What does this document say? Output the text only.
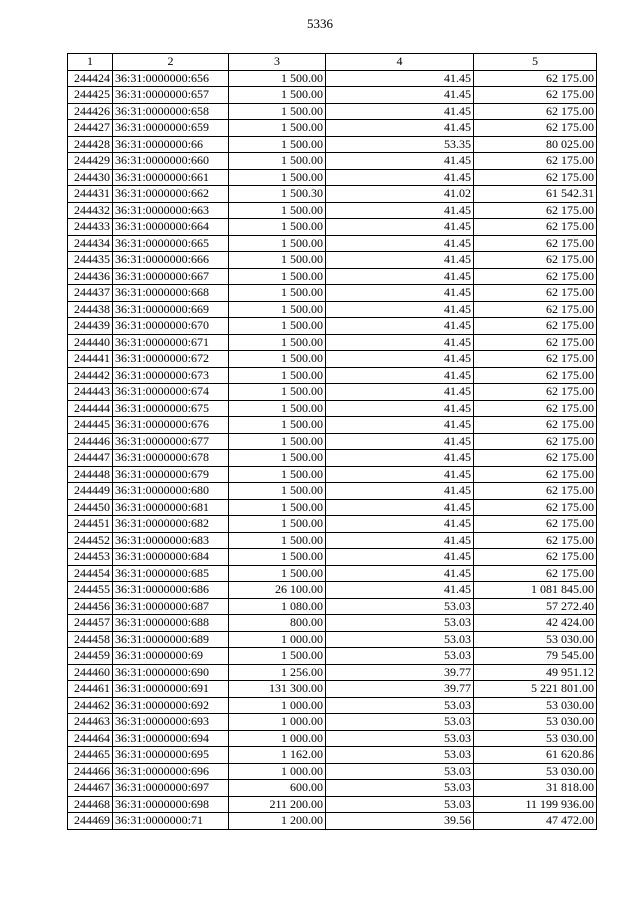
5336
1	2	3	4	5
244424	36:31:0000000:656	1 500.00	41.45	62 175.00
244425	36:31:0000000:657	1 500.00	41.45	62 175.00
244426	36:31:0000000:658	1 500.00	41.45	62 175.00
244427	36:31:0000000:659	1 500.00	41.45	62 175.00
244428	36:31:0000000:66	1 500.00	53.35	80 025.00
244429	36:31:0000000:660	1 500.00	41.45	62 175.00
244430	36:31:0000000:661	1 500.00	41.45	62 175.00
244431	36:31:0000000:662	1 500.30	41.02	61 542.31
244432	36:31:0000000:663	1 500.00	41.45	62 175.00
244433	36:31:0000000:664	1 500.00	41.45	62 175.00
244434	36:31:0000000:665	1 500.00	41.45	62 175.00
244435	36:31:0000000:666	1 500.00	41.45	62 175.00
244436	36:31:0000000:667	1 500.00	41.45	62 175.00
244437	36:31:0000000:668	1 500.00	41.45	62 175.00
244438	36:31:0000000:669	1 500.00	41.45	62 175.00
244439	36:31:0000000:670	1 500.00	41.45	62 175.00
244440	36:31:0000000:671	1 500.00	41.45	62 175.00
244441	36:31:0000000:672	1 500.00	41.45	62 175.00
244442	36:31:0000000:673	1 500.00	41.45	62 175.00
244443	36:31:0000000:674	1 500.00	41.45	62 175.00
244444	36:31:0000000:675	1 500.00	41.45	62 175.00
244445	36:31:0000000:676	1 500.00	41.45	62 175.00
244446	36:31:0000000:677	1 500.00	41.45	62 175.00
244447	36:31:0000000:678	1 500.00	41.45	62 175.00
244448	36:31:0000000:679	1 500.00	41.45	62 175.00
244449	36:31:0000000:680	1 500.00	41.45	62 175.00
244450	36:31:0000000:681	1 500.00	41.45	62 175.00
244451	36:31:0000000:682	1 500.00	41.45	62 175.00
244452	36:31:0000000:683	1 500.00	41.45	62 175.00
244453	36:31:0000000:684	1 500.00	41.45	62 175.00
244454	36:31:0000000:685	1 500.00	41.45	62 175.00
244455	36:31:0000000:686	26 100.00	41.45	1 081 845.00
244456	36:31:0000000:687	1 080.00	53.03	57 272.40
244457	36:31:0000000:688	800.00	53.03	42 424.00
244458	36:31:0000000:689	1 000.00	53.03	53 030.00
244459	36:31:0000000:69	1 500.00	53.03	79 545.00
244460	36:31:0000000:690	1 256.00	39.77	49 951.12
244461	36:31:0000000:691	131 300.00	39.77	5 221 801.00
244462	36:31:0000000:692	1 000.00	53.03	53 030.00
244463	36:31:0000000:693	1 000.00	53.03	53 030.00
244464	36:31:0000000:694	1 000.00	53.03	53 030.00
244465	36:31:0000000:695	1 162.00	53.03	61 620.86
244466	36:31:0000000:696	1 000.00	53.03	53 030.00
244467	36:31:0000000:697	600.00	53.03	31 818.00
244468	36:31:0000000:698	211 200.00	53.03	11 199 936.00
244469	36:31:0000000:71	1 200.00	39.56	47 472.00
